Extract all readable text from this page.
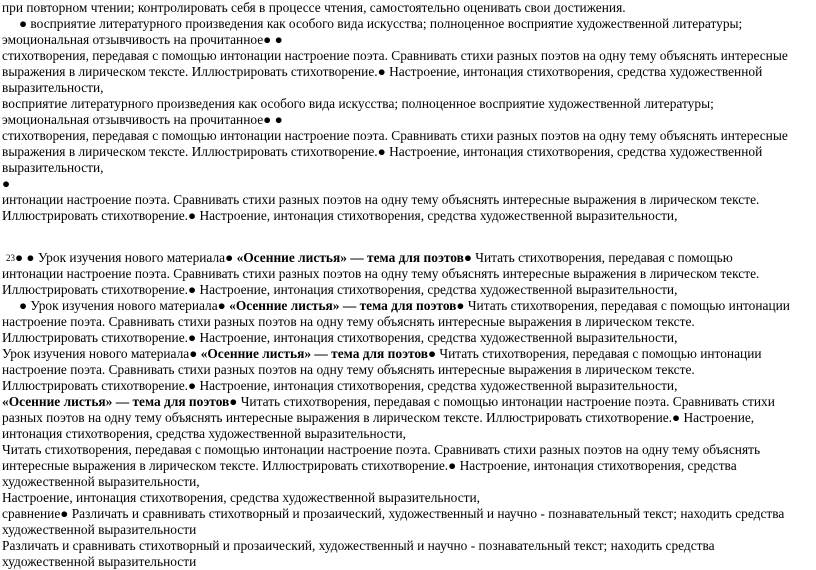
при повторном чтении; контролировать себя в процессе чтения, самостоятельно оценивать свои достижения.
● восприятие литературного произведения как особого вида искусства; полноценное восприятие художественной литературы; эмоциональная отзывчивость на прочитанное● ●
стихотворения, передавая с помощью интонации настроение поэта. Сравнивать стихи разных поэтов на одну тему объяснять интересные выражения в лирическом тексте. Иллюстрировать стихотворение.● Настроение, интонация стихотворения, средства художественной выразительности,
восприятие литературного произведения как особого вида искусства; полноценное восприятие художественной литературы; эмоциональная отзывчивость на прочитанное● ●
стихотворения, передавая с помощью интонации настроение поэта. Сравнивать стихи разных поэтов на одну тему объяснять интересные выражения в лирическом тексте. Иллюстрировать стихотворение.● Настроение, интонация стихотворения, средства художественной выразительности,
●
интонации настроение поэта. Сравнивать стихи разных поэтов на одну тему объяснять интересные выражения в лирическом тексте. Иллюстрировать стихотворение.● Настроение, интонация стихотворения, средства художественной выразительности,
23● ● Урок изучения нового материала● «Осенние листья» — тема для поэтов● Читать стихотворения, передавая с помощью интонации настроение поэта. Сравнивать стихи разных поэтов на одну тему объяснять интересные выражения в лирическом тексте. Иллюстрировать стихотворение.● Настроение, интонация стихотворения, средства художественной выразительности,
● Урок изучения нового материала● «Осенние листья» — тема для поэтов● Читать стихотворения, передавая с помощью интонации настроение поэта. Сравнивать стихи разных поэтов на одну тему объяснять интересные выражения в лирическом тексте. Иллюстрировать стихотворение.● Настроение, интонация стихотворения, средства художественной выразительности,
Урок изучения нового материала● «Осенние листья» — тема для поэтов● Читать стихотворения, передавая с помощью интонации настроение поэта. Сравнивать стихи разных поэтов на одну тему объяснять интересные выражения в лирическом тексте. Иллюстрировать стихотворение.● Настроение, интонация стихотворения, средства художественной выразительности,
«Осенние листья» — тема для поэтов● Читать стихотворения, передавая с помощью интонации настроение поэта. Сравнивать стихи разных поэтов на одну тему объяснять интересные выражения в лирическом тексте. Иллюстрировать стихотворение.● Настроение, интонация стихотворения, средства художественной выразительности,
Читать стихотворения, передавая с помощью интонации настроение поэта. Сравнивать стихи разных поэтов на одну тему объяснять интересные выражения в лирическом тексте. Иллюстрировать стихотворение.● Настроение, интонация стихотворения, средства художественной выразительности,
Настроение, интонация стихотворения, средства художественной выразительности,
сравнение● Различать и сравнивать стихотворный и прозаический, художественный и научно - познавательный текст; находить средства художественной выразительности
Различать и сравнивать стихотворный и прозаический, художественный и научно - познавательный текст; находить средства художественной выразительности
